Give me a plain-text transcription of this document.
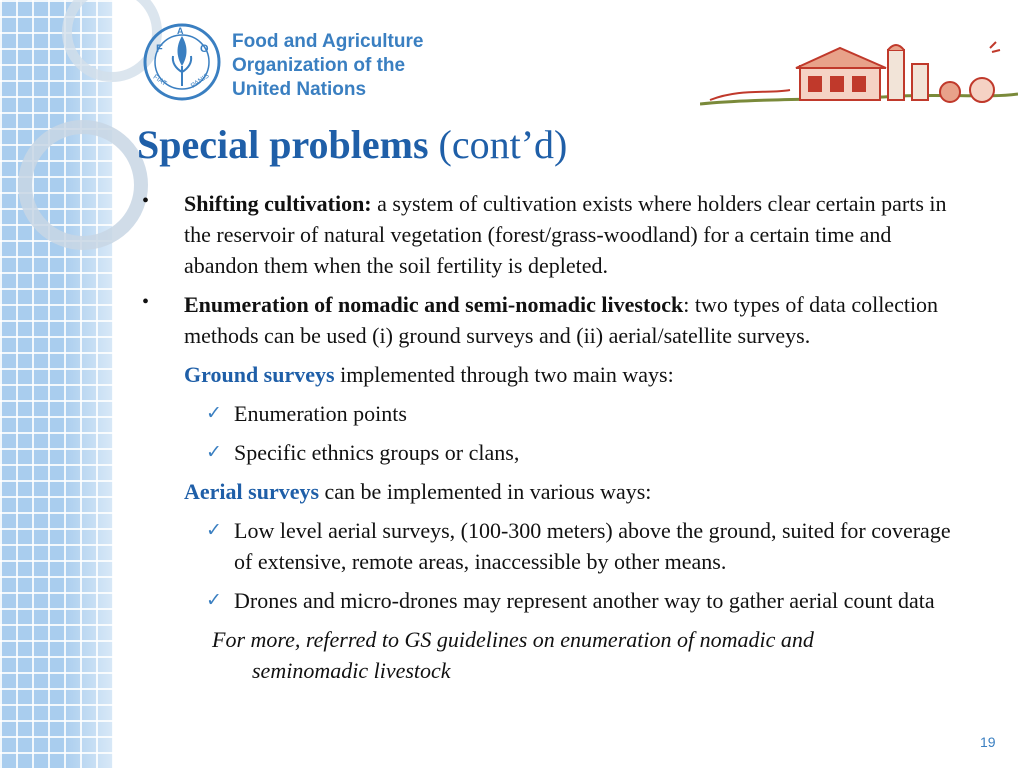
F
A
O
FIAT	PANIS
Food and Agriculture
Organization of the
United Nations
Special problems (cont’d)
• Shifting cultivation: a system of cultivation exists where holders clear certain parts in the reservoir of natural vegetation (forest/grass-woodland) for a certain time and abandon them when the soil fertility is depleted.
• Enumeration of nomadic and semi-nomadic livestock: two types of data collection methods can be used (i) ground surveys and (ii) aerial/satellite surveys.
Ground surveys implemented through two main ways:
✓ Enumeration points
✓ Specific ethnics groups or clans,
Aerial surveys can be implemented in various ways:
✓ Low level aerial surveys, (100-300 meters) above the ground, suited for coverage of extensive, remote areas, inaccessible by other means.
✓ Drones and micro-drones may represent another way to gather aerial count data
For more, referred to GS guidelines on enumeration of nomadic and
seminomadic livestock
19
